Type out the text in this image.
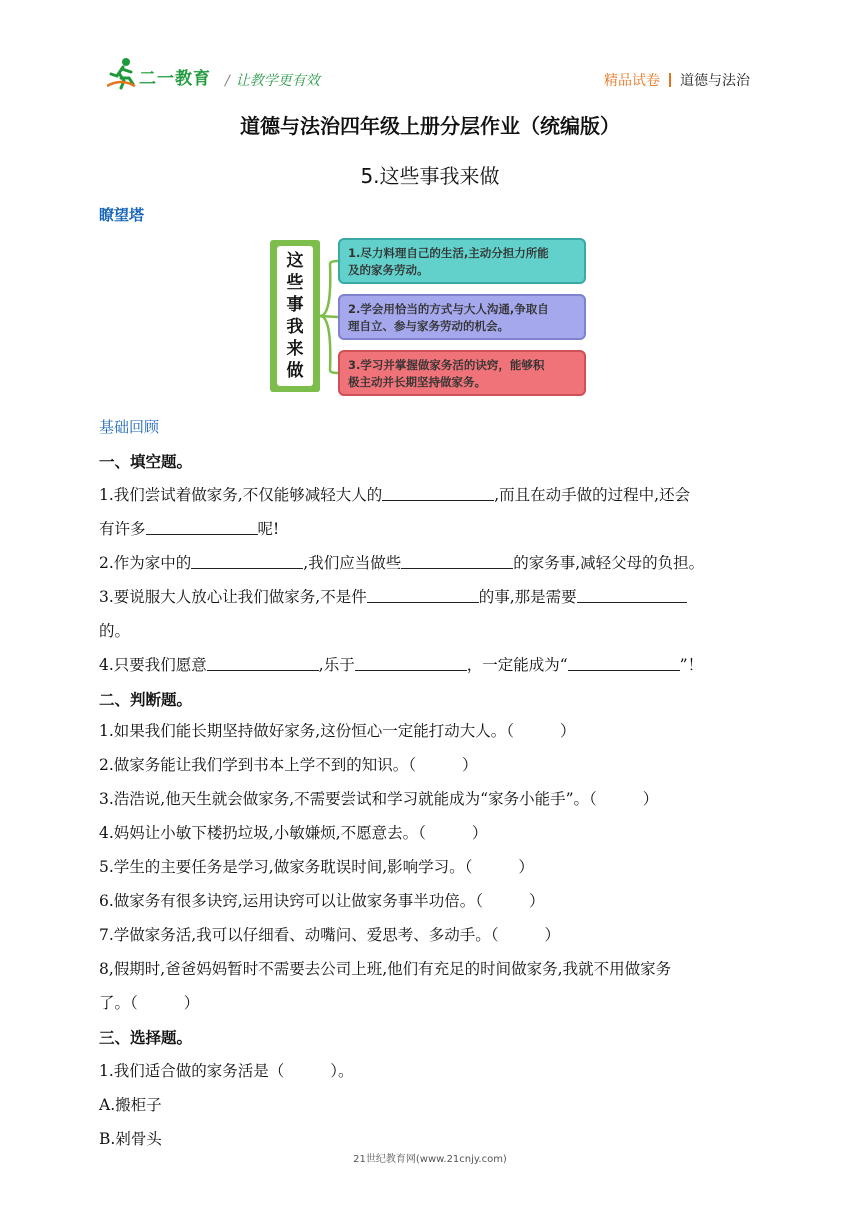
二一教育 / 让教学更有效	精品试卷 道德与法治
道德与法治四年级上册分层作业（统编版）
5.这些事我来做
瞭望塔
这
些
事
我
来
做
1.尽力料理自己的生活,主动分担力所能
及的家务劳动。
2.学会用恰当的方式与大人沟通,争取自
理自立、参与家务劳动的机会。
3.学习并掌握做家务活的诀窍，能够积
极主动并长期坚持做家务。
基础回顾
一、填空题。
1.我们尝试着做家务,不仅能够减轻大人的	,而且在动手做的过程中,还会
有许多	呢!
2.作为家中的	,我们应当做些	的家务事,减轻父母的负担。
3.要说服大人放心让我们做家务,不是件	的事,那是需要
的。
4.只要我们愿意	,乐于	，一定能成为“	”！
二、判断题。
1.如果我们能长期坚持做好家务,这份恒心一定能打动大人。（	）
2.做家务能让我们学到书本上学不到的知识。（	）
3.浩浩说,他天生就会做家务,不需要尝试和学习就能成为“家务小能手”。（	）
4.妈妈让小敏下楼扔垃圾,小敏嫌烦,不愿意去。（	）
5.学生的主要任务是学习,做家务耽误时间,影响学习。（	）
6.做家务有很多诀窍,运用诀窍可以让做家务事半功倍。（	）
7.学做家务活,我可以仔细看、动嘴问、爱思考、多动手。（	）
8,假期时,爸爸妈妈暂时不需要去公司上班,他们有充足的时间做家务,我就不用做家务
了。（	）
三、选择题。
1.我们适合做的家务活是（	）。
A.搬柜子
B.剁骨头
21世纪教育网(www.21cnjy.com)
